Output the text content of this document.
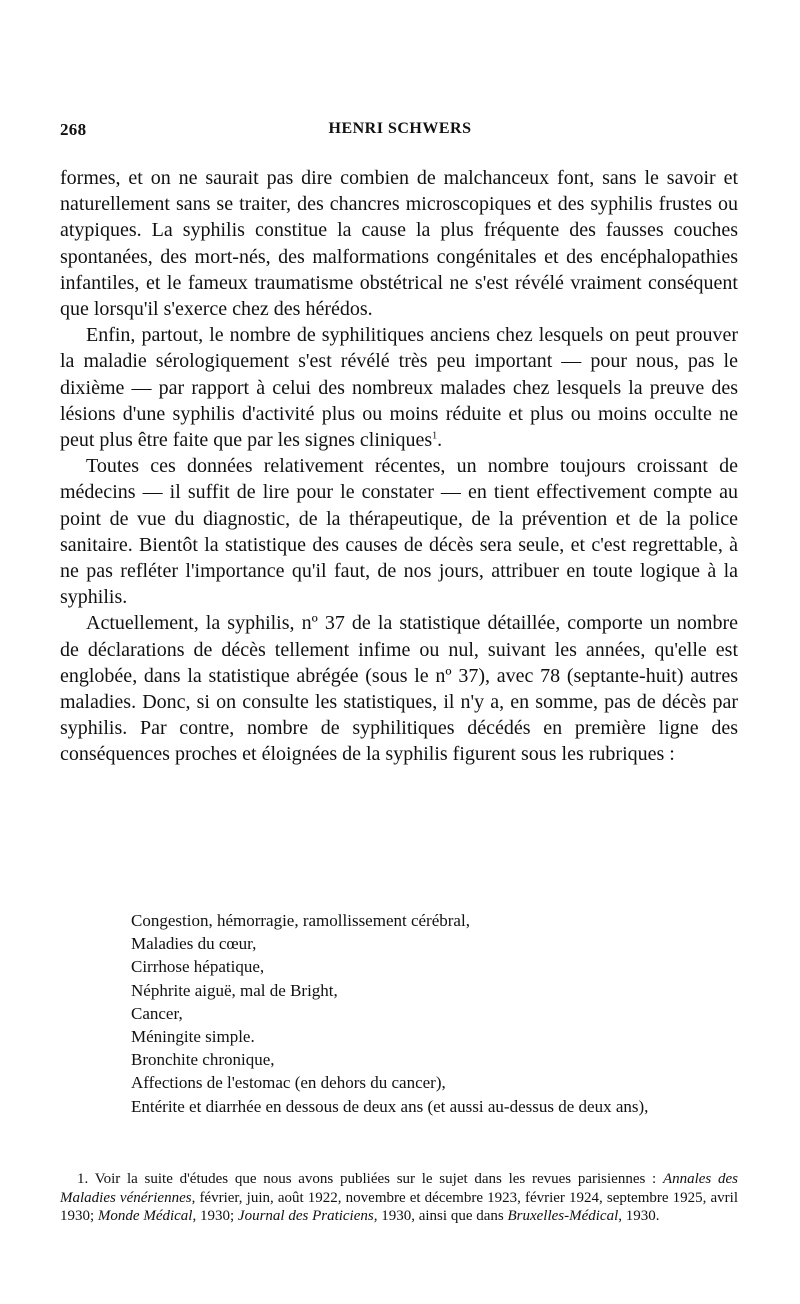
268	HENRI SCHWERS

formes, et on ne saurait pas dire combien de malchanceux font, sans le savoir et naturellement sans se traiter, des chancres microscopiques et des syphilis frustes ou atypiques. La syphilis constitue la cause la plus fréquente des fausses couches spontanées, des mort-nés, des malformations congénitales et des encéphalopathies infantiles, et le fameux traumatisme obstétrical ne s'est révélé vraiment conséquent que lorsqu'il s'exerce chez des hérédos.

Enfin, partout, le nombre de syphilitiques anciens chez lesquels on peut prouver la maladie sérologiquement s'est révélé très peu important — pour nous, pas le dixième — par rapport à celui des nombreux malades chez lesquels la preuve des lésions d'une syphilis d'activité plus ou moins réduite et plus ou moins occulte ne peut plus être faite que par les signes cliniques$^1$.

Toutes ces données relativement récentes, un nombre toujours croissant de médecins — il suffit de lire pour le constater — en tient effectivement compte au point de vue du diagnostic, de la thérapeutique, de la prévention et de la police sanitaire. Bientôt la statistique des causes de décès sera seule, et c'est regrettable, à ne pas refléter l'importance qu'il faut, de nos jours, attribuer en toute logique à la syphilis.

Actuellement, la syphilis, nº 37 de la statistique détaillée, comporte un nombre de déclarations de décès tellement infime ou nul, suivant les années, qu'elle est englobée, dans la statistique abrégée (sous le nº 37), avec 78 (septante-huit) autres maladies. Donc, si on consulte les statistiques, il n'y a, en somme, pas de décès par syphilis. Par contre, nombre de syphilitiques décédés en première ligne des conséquences proches et éloignées de la syphilis figurent sous les rubriques :

Congestion, hémorragie, ramollissement cérébral,
Maladies du cœur,
Cirrhose hépatique,
Néphrite aiguë, mal de Bright,
Cancer,
Méningite simple.
Bronchite chronique,
Affections de l'estomac (en dehors du cancer),
Entérite et diarrhée en dessous de deux ans (et aussi au-dessus de deux ans),

1. Voir la suite d'études que nous avons publiées sur le sujet dans les revues parisiennes : Annales des Maladies vénériennes, février, juin, août 1922, novembre et décembre 1923, février 1924, septembre 1925, avril 1930; Monde Médical, 1930; Journal des Praticiens, 1930, ainsi que dans Bruxelles-Médical, 1930.
